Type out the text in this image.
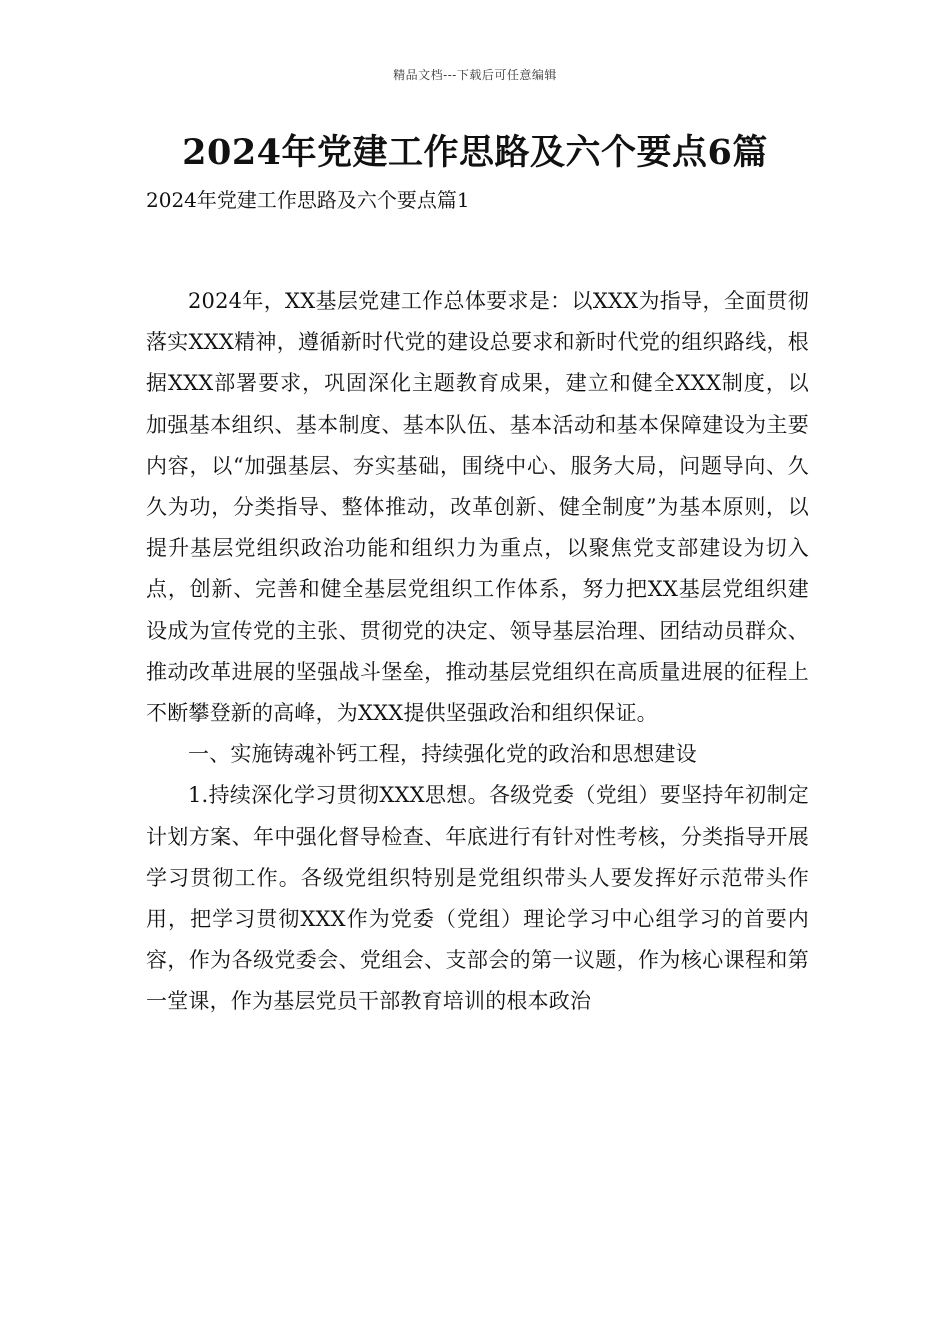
精品文档---下载后可任意编辑
2024年党建工作思路及六个要点6篇

2024年党建工作思路及六个要点篇1

2024年，XX基层党建工作总体要求是：以XXX为指导，全面贯彻落实XXX精神，遵循新时代党的建设总要求和新时代党的组织路线，根据XXX部署要求，巩固深化主题教育成果，建立和健全XXX制度，以加强基本组织、基本制度、基本队伍、基本活动和基本保障建设为主要内容，以“加强基层、夯实基础，围绕中心、服务大局，问题导向、久久为功，分类指导、整体推动，改革创新、健全制度”为基本原则，以提升基层党组织政治功能和组织力为重点，以聚焦党支部建设为切入点，创新、完善和健全基层党组织工作体系，努力把XX基层党组织建设成为宣传党的主张、贯彻党的决定、领导基层治理、团结动员群众、推动改革进展的坚强战斗堡垒，推动基层党组织在高质量进展的征程上不断攀登新的高峰，为XXX提供坚强政治和组织保证。

一、实施铸魂补钙工程，持续强化党的政治和思想建设

1.持续深化学习贯彻XXX思想。各级党委（党组）要坚持年初制定计划方案、年中强化督导检查、年底进行有针对性考核，分类指导开展学习贯彻工作。各级党组织特别是党组织带头人要发挥好示范带头作用，把学习贯彻XXX作为党委（党组）理论学习中心组学习的首要内容，作为各级党委会、党组会、支部会的第一议题，作为核心课程和第一堂课，作为基层党员干部教育培训的根本政治
